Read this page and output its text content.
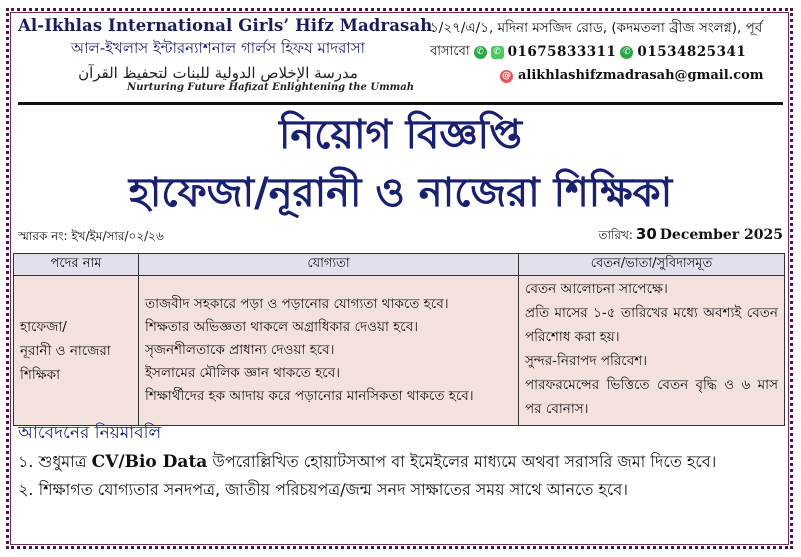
Al-Ikhlas International Girls’ Hifz Madrasah
আল-ইখলাস ইন্টারন্যাশনাল গার্লস হিফয মাদরাসা
مدرسة الإخلاص الدولية للبنات لتحفيظ القرآن
Nurturing Future Hafizat Enlightening the Ummah
১/২৭/এ/১, মদিনা মসজিদ রোড, (কদমতলা ব্রীজ সংলগ্ন), পূর্ব
বাসাবো ✆	✆ 01675833311 ✆ 01534825341
@ alikhlashifzmadrasah@gmail.com
নিয়োগ বিজ্ঞপ্তি
হাফেজা/নূরানী ও নাজেরা শিক্ষিকা
স্মারক নং: ইখ/ইম/সার/০২/২৬	তারিখ: 30 December 2025
পদের নাম	যোগ্যতা	বেতন/ভাতা/সুবিদাসমূত

হাফেজা/
নূরানী ও নাজেরা
শিক্ষিকা

তাজবীদ সহকারে পড়া ও পড়ানোর যোগ্যতা থাকতে হবে।
শিক্ষতার অভিজ্ঞতা থাকলে অগ্রাধিকার দেওয়া হবে।
সৃজনশীলতাকে প্রাধান্য দেওয়া হবে।
ইসলামের মৌলিক জ্ঞান থাকতে হবে।
শিক্ষার্থীদের হক আদায় করে পড়ানোর মানসিকতা থাকতে হবে।

বেতন আলোচনা সাপেক্ষে।
প্রতি মাসের ১-৫ তারিখের মধ্যে অবশ্যই বেতন পরিশোধ করা হয়।
সুন্দর-নিরাপদ পরিবেশ।
পারফরমেন্সের ভিত্তিতে বেতন বৃদ্ধি ও ৬ মাস পর বোনাস।
আবেদনের নিয়মাবলি
১. শুধুমাত্র CV/Bio Data উপরোল্লিখিত হোয়াটসআপ বা ইমেইলের মাধ্যমে অথবা সরাসরি জমা দিতে হবে।
২. শিক্ষাগত যোগ্যতার সনদপত্র, জাতীয় পরিচয়পত্র/জন্ম সনদ সাক্ষাতের সময় সাথে আনতে হবে।
